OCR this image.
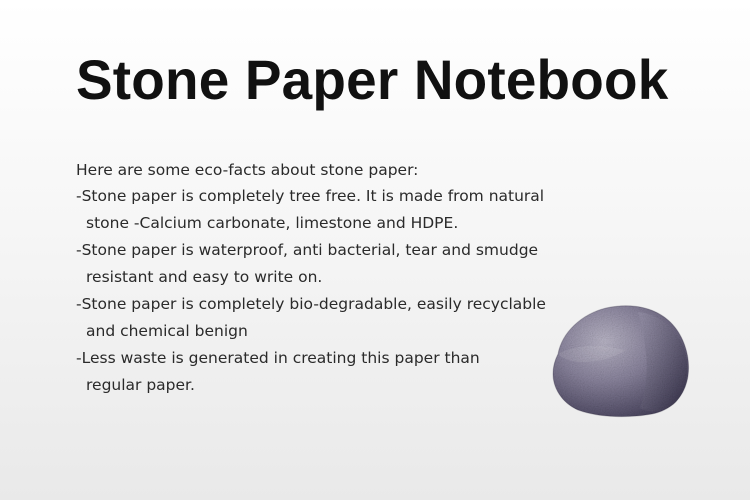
Stone Paper Notebook
Here are some eco-facts about stone paper:
-Stone paper is completely tree free. It is made from natural
stone -Calcium carbonate, limestone and HDPE.
-Stone paper is waterproof, anti bacterial, tear and smudge
resistant and easy to write on.
-Stone paper is completely bio-degradable, easily recyclable
and chemical benign
-Less waste is generated in creating this paper than
regular paper.
